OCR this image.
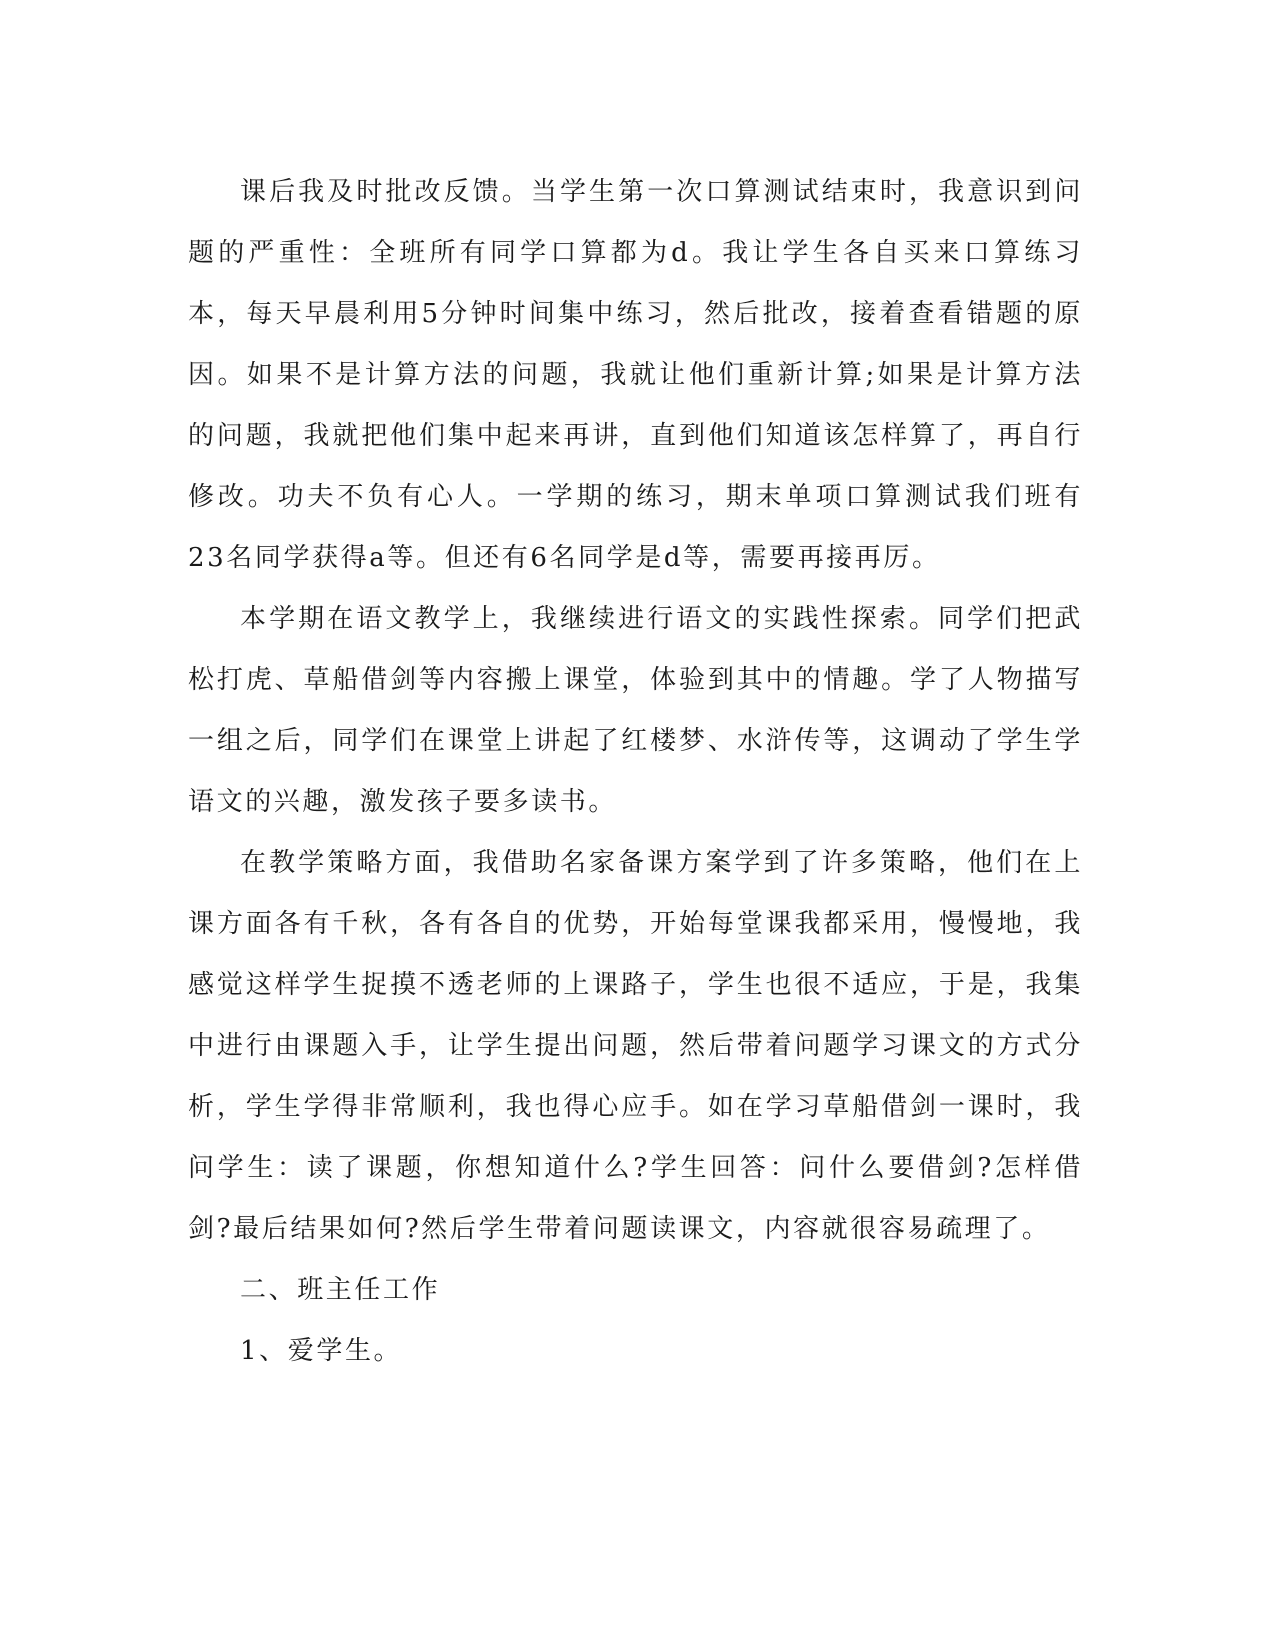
课后我及时批改反馈。当学生第一次口算测试结束时，我意识到问题的严重性：全班所有同学口算都为d。我让学生各自买来口算练习本，每天早晨利用5分钟时间集中练习，然后批改，接着查看错题的原因。如果不是计算方法的问题，我就让他们重新计算;如果是计算方法的问题，我就把他们集中起来再讲，直到他们知道该怎样算了，再自行修改。功夫不负有心人。一学期的练习，期末单项口算测试我们班有23名同学获得a等。但还有6名同学是d等，需要再接再厉。

本学期在语文教学上，我继续进行语文的实践性探索。同学们把武松打虎、草船借剑等内容搬上课堂，体验到其中的情趣。学了人物描写一组之后，同学们在课堂上讲起了红楼梦、水浒传等，这调动了学生学语文的兴趣，激发孩子要多读书。

在教学策略方面，我借助名家备课方案学到了许多策略，他们在上课方面各有千秋，各有各自的优势，开始每堂课我都采用，慢慢地，我感觉这样学生捉摸不透老师的上课路子，学生也很不适应，于是，我集中进行由课题入手，让学生提出问题，然后带着问题学习课文的方式分析，学生学得非常顺利，我也得心应手。如在学习草船借剑一课时，我问学生：读了课题，你想知道什么?学生回答：问什么要借剑?怎样借剑?最后结果如何?然后学生带着问题读课文，内容就很容易疏理了。

二、班主任工作

1、爱学生。
